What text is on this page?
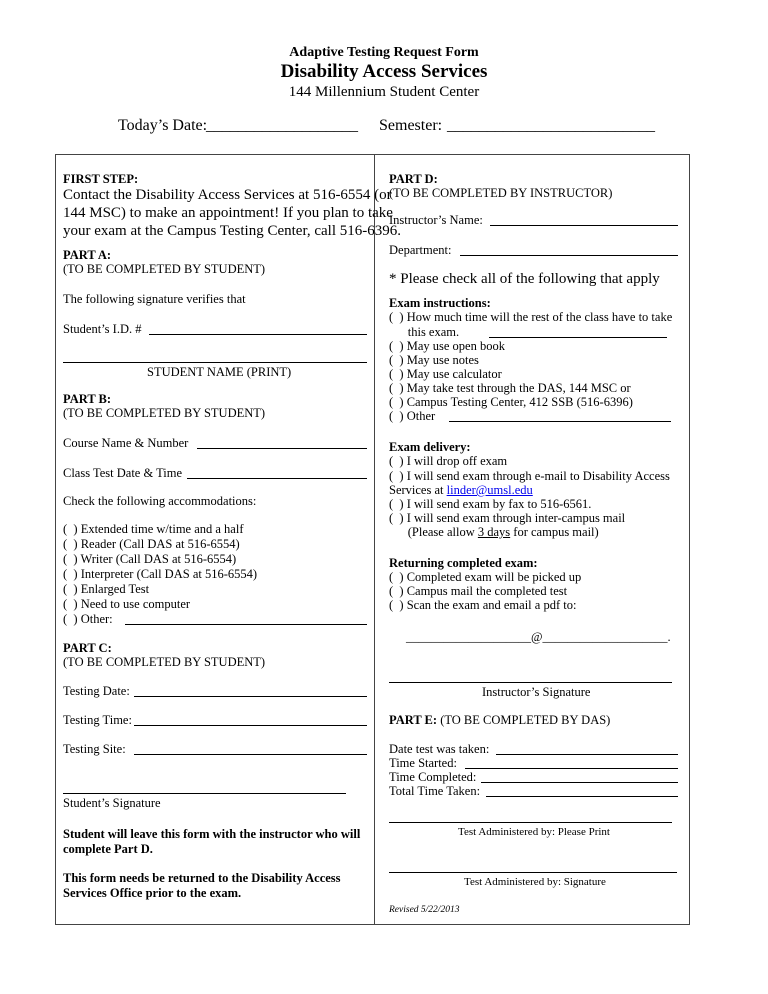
Adaptive Testing Request Form
Disability Access Services
144 Millennium Student Center
Today’s Date:
___________________ Semester: __________________________
FIRST STEP:
Contact the Disability Access Services at 516-6554 (or
144 MSC) to make an appointment! If you plan to take
your exam at the Campus Testing Center, call 516-6396.
PART A:
(TO BE COMPLETED BY STUDENT)
The following signature verifies that
Student’s I.D. #
STUDENT NAME (PRINT)
PART B:
(TO BE COMPLETED BY STUDENT)
Course Name & Number
Class Test Date & Time
Check the following accommodations:
(  ) Extended time w/time and a half
(  ) Reader (Call DAS at 516-6554)
(  ) Writer (Call DAS at 516-6554)
(  ) Interpreter (Call DAS at 516-6554)
(  ) Enlarged Test
(  ) Need to use computer
(  ) Other:
PART C:
(TO BE COMPLETED BY STUDENT)
Testing Date:
Testing Time:
Testing Site:
Student’s Signature
Student will leave this form with the instructor who will
complete Part D.
This form needs be returned to the Disability Access
Services Office prior to the exam.
PART D:
(TO BE COMPLETED BY INSTRUCTOR)
Instructor’s Name:
Department:
* Please check all of the following that apply
Exam instructions:
(  ) How much time will the rest of the class have to take
this exam.
(  ) May use open book
(  ) May use notes
(  ) May use calculator
(  ) May take test through the DAS, 144 MSC or
(  ) Campus Testing Center, 412 SSB (516-6396)
(  ) Other
Exam delivery:
(  ) I will drop off exam
(  ) I will send exam through e-mail to Disability Access
Services at linder@umsl.edu
(  ) I will send exam by fax to 516-6561.
(  ) I will send exam through inter-campus mail
(Please allow 3 days for campus mail)
Returning completed exam:
(  ) Completed exam will be picked up
(  ) Campus mail the completed test
(  ) Scan the exam and email a pdf to:
____________________@____________________.
Instructor’s Signature
PART E: (TO BE COMPLETED BY DAS)
Date test was taken:
Time Started:
Time Completed:
Total Time Taken:
Test Administered by: Please Print
Test Administered by: Signature
Revised 5/22/2013
